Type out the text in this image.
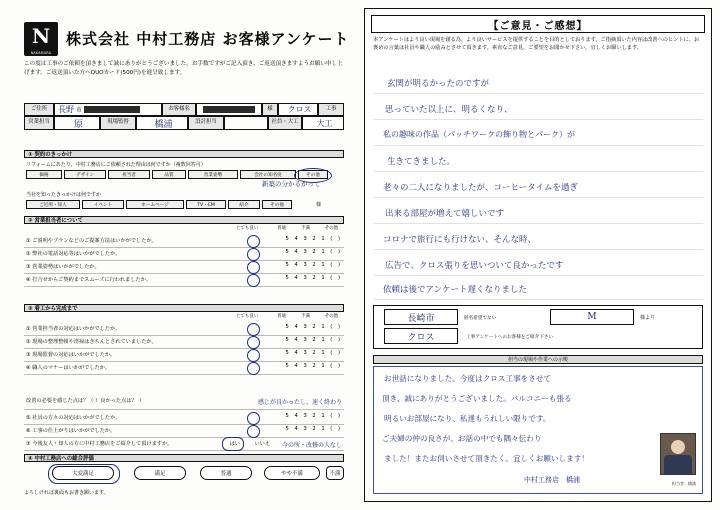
N
NAKAMURA
株式会社 中村工務店 お客様アンケート
この度は工事のご依頼を頂きまして誠にありがとうございました。お手数ですがご記入頂き、ご返送頂きますようお願い申し上げます。ご返送頂いた方へQUOカード(500円)を進呈致します。
ご住所	長野 市	お客様名	様	クロス	工事
営業担当	原	現場監督	橋浦	設計担当	社員・大工	大工
① 契約のきっかけ
リフォームにあたり、中村工務店にご依頼された理由は何ですか（複数回答可）
価格	デザイン	担当者	品質	営業姿勢	会社の知名度	その他
新築の分かるかって
当社を知ったきっかけは何ですか
ご近所・知人	イベント	ホームページ	TV・CM	紹介	その他	様
② 営業担当者について
とても良い	普通	不満	その他
① ご説明やプランなどのご提案方法はいかがでしたか。	5 4 3 2 1 ( )
② 弊社の電話対応等はいかがでしたか。	5 4 3 2 1 ( )
③ 営業姿勢はいかがでしたか。	5 4 3 2 1 ( )
④ 打合せからご契約までスムーズに行われましたか。	5 4 3 2 1 ( )
③ 着工から完成まで
とても良い	普通	不満	その他
① 営業担当者の対応はいかがでしたか。	5 4 3 2 1 ( )
② 現場の整理整頓や清掃はきちんとされていましたか。	5 4 3 2 1 ( )
③ 現場監督の対応はいかがでしたか。	5 4 3 2 1 ( )
④ 職人のマナーはいかがでしたか。	5 4 3 2 1 ( )
改善の必要を感じた点は？（ ）良かった点は？（	感じが良かったし、速く終わり
⑤ 社員の方々の対応はいかがでしたか。	5 4 3 2 1 ( )
⑥ 工事の仕上がりはいかがでしたか。	5 4 3 2 1 ( )
⑦ 今後友人・知人の方に中村工務店をご紹介して頂けますか。	はい	いいえ 今の所・改修の人なし
④ 中村工務店への総合評価
大変満足	満足	普通	やや不満	不満
よろしければ裏面もお書き願います。
【ご意見・ご感想】
本アンケートはより良い現場を創る為、より良いサービスを提供することを目的としております。ご指摘頂いた内容は改善へのヒントに、お褒めの言葉は社員や職人の励みとさせて頂きます。素直なご意見、ご要望をお聞かせ下さい。宜しくお願いします。
玄関が明るかったのですが
思っていた以上に、明るくなり、
私の趣味の作品（パッチワークの飾り物とパーク）が
生きてきました。
老々の二人になりましたが、コーヒータイムを過ぎ
出来る部屋が増えて嬉しいです
コロナで旅行にも行けない、そんな時、
広告で、クロス張りを思いついて良かったです
依頼は後でアンケート遅くなりました
長崎市	匿名希望でない	M	様より
クロス	工事アンケートへのお客様をご紹介下さい
担当の現場や作業への示唆
お世話になりました。今度はクロス工事をさせて
頂き、誠にありがとうございました。バルコニーも張る
明るいお部屋になり、私達もうれしい限りです。
ご夫婦の仲の良さが、お話の中でも隅々伝わり
ました！またお伺いさせて頂きたく、宜しくお願いします！
中村工務店　橋浦	担当者：橋浦
